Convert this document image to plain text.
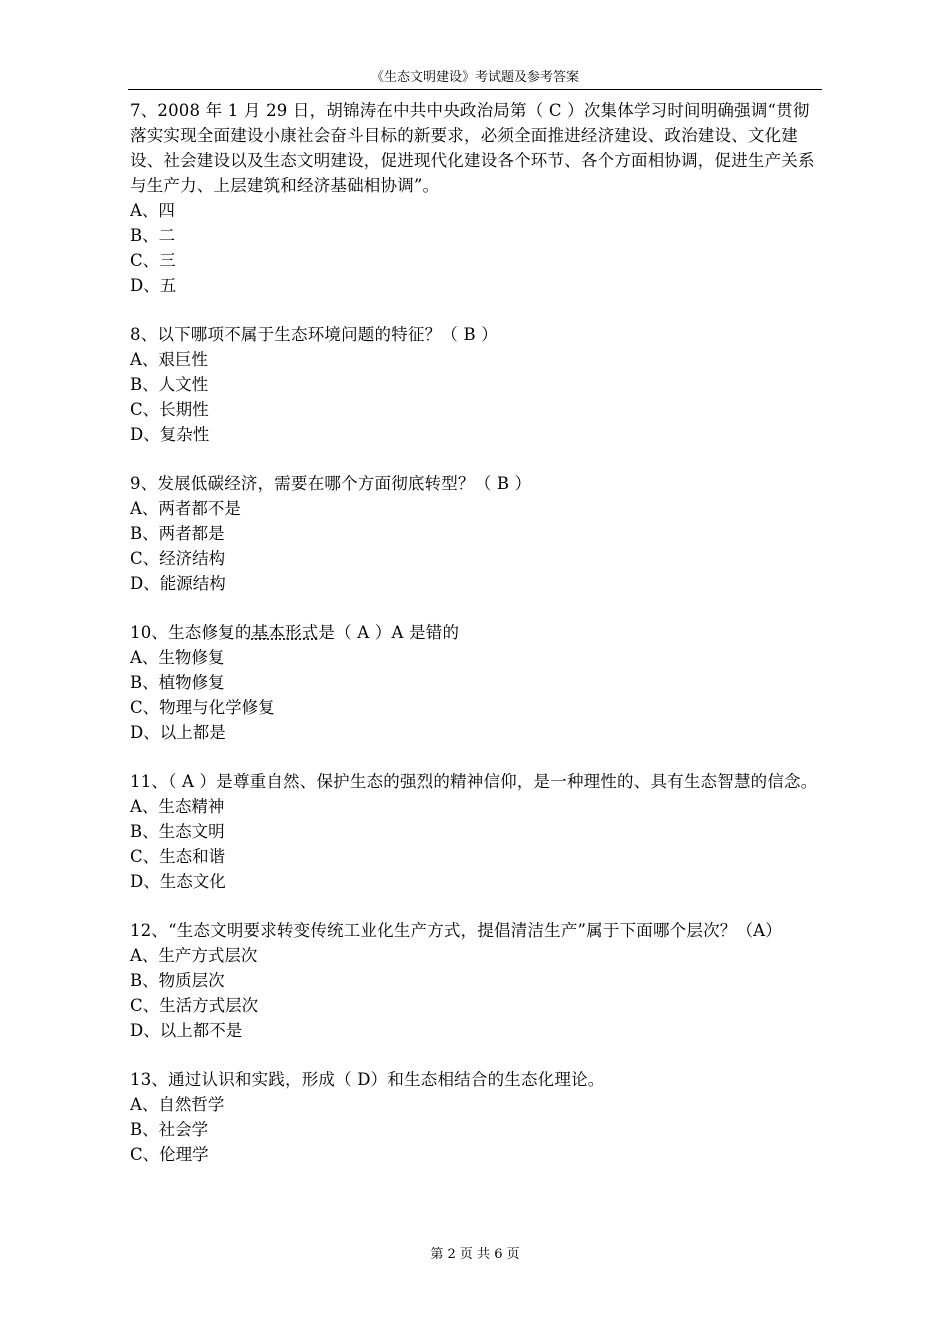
《生态文明建设》考试题及参考答案

7、2008 年 1 月 29 日，胡锦涛在中共中央政治局第（ C ）次集体学习时间明确强调“贯彻落实实现全面建设小康社会奋斗目标的新要求，必须全面推进经济建设、政治建设、文化建设、社会建设以及生态文明建设，促进现代化建设各个环节、各个方面相协调，促进生产关系与生产力、上层建筑和经济基础相协调”。

A、四

B、二

C、三

D、五

8、以下哪项不属于生态环境问题的特征？（ B ）

A、艰巨性

B、人文性

C、长期性

D、复杂性

9、发展低碳经济，需要在哪个方面彻底转型？（ B ）

A、两者都不是

B、两者都是

C、经济结构

D、能源结构

10、生态修复的基本形式是（ A ）A 是错的

A、生物修复

B、植物修复

C、物理与化学修复

D、以上都是

11、（ A ）是尊重自然、保护生态的强烈的精神信仰，是一种理性的、具有生态智慧的信念。

A、生态精神

B、生态文明

C、生态和谐

D、生态文化

12、“生态文明要求转变传统工业化生产方式，提倡清洁生产”属于下面哪个层次？（A）

A、生产方式层次

B、物质层次

C、生活方式层次

D、以上都不是

13、通过认识和实践，形成（ D）和生态相结合的生态化理论。

A、自然哲学

B、社会学

C、伦理学

第 2 页 共 6 页
